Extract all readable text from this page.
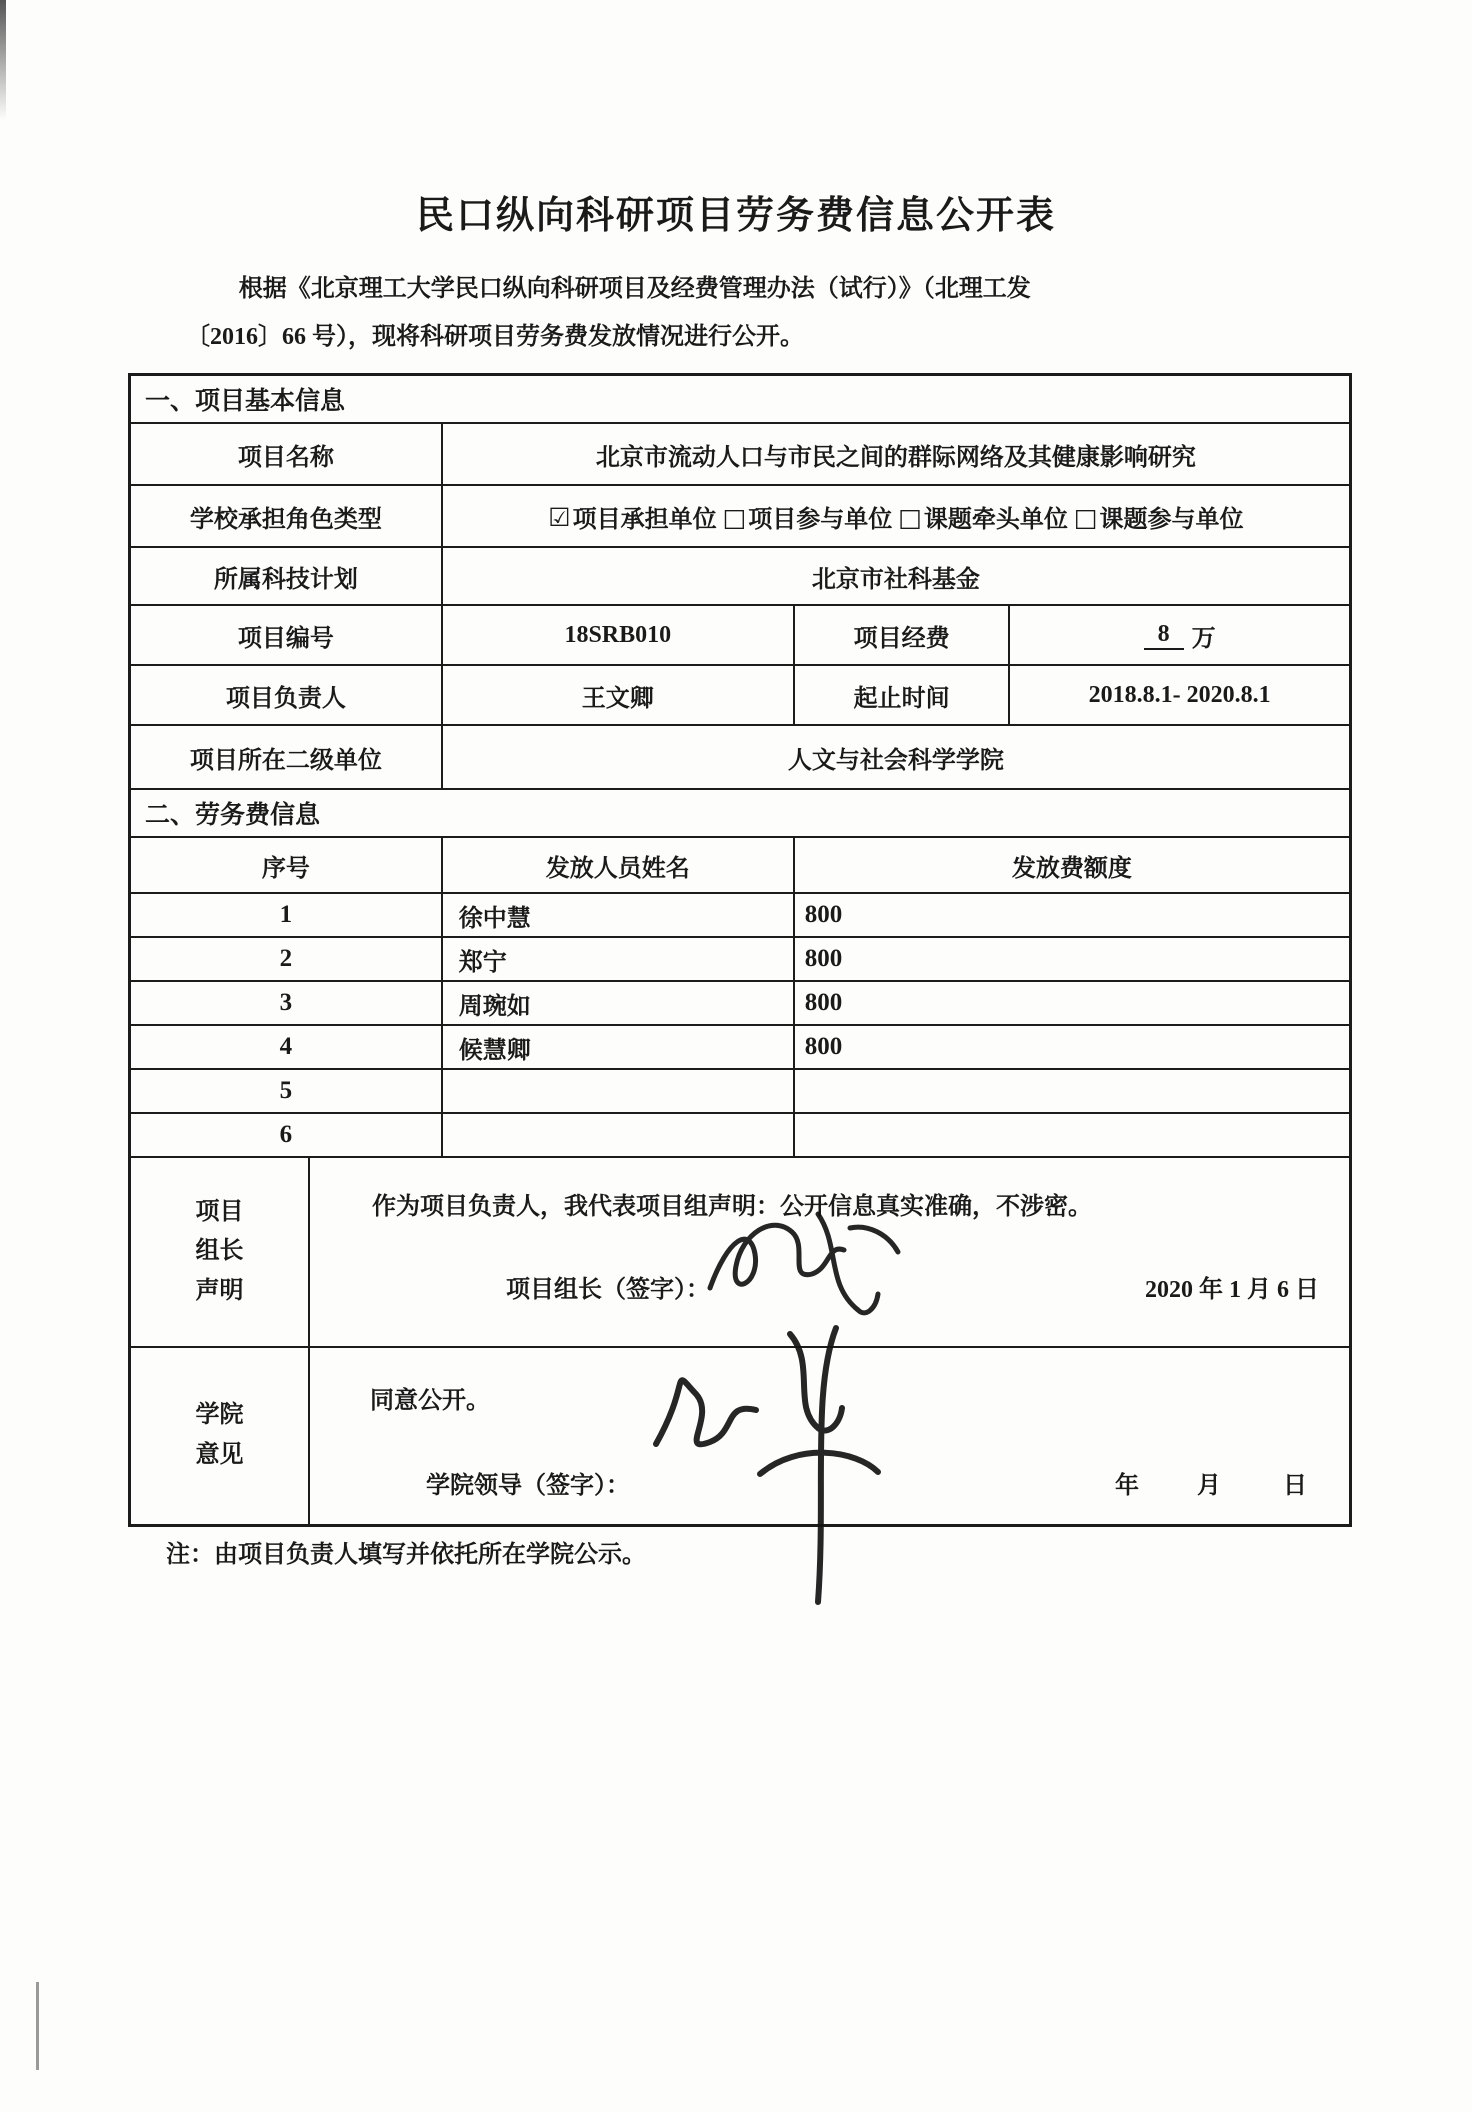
民口纵向科研项目劳务费信息公开表
根据《北京理工大学民口纵向科研项目及经费管理办法（试行）》（北理工发
〔2016〕66 号），现将科研项目劳务费发放情况进行公开。
一、项目基本信息
项目名称	北京市流动人口与市民之间的群际网络及其健康影响研究
学校承担角色类型	☑ 项目承担单位 □ 项目参与单位 □ 课题牵头单位 □ 课题参与单位
所属科技计划	北京市社科基金
项目编号	18SRB010	项目经费	8 万
项目负责人	王文卿	起止时间	2018.8.1- 2020.8.1
项目所在二级单位	人文与社会科学学院
二、劳务费信息
序号	发放人员姓名	发放费额度
1	徐中慧	800
2	郑宁	800
3	周琬如	800
4	候慧卿	800
5
6
项目
组长
声明
作为项目负责人，我代表项目组声明：公开信息真实准确，不涉密。
项目组长（签字）：	2020 年 1 月 6 日
学院
意见
同意公开。
学院领导（签字）：	年 月	日
注：由项目负责人填写并依托所在学院公示。
